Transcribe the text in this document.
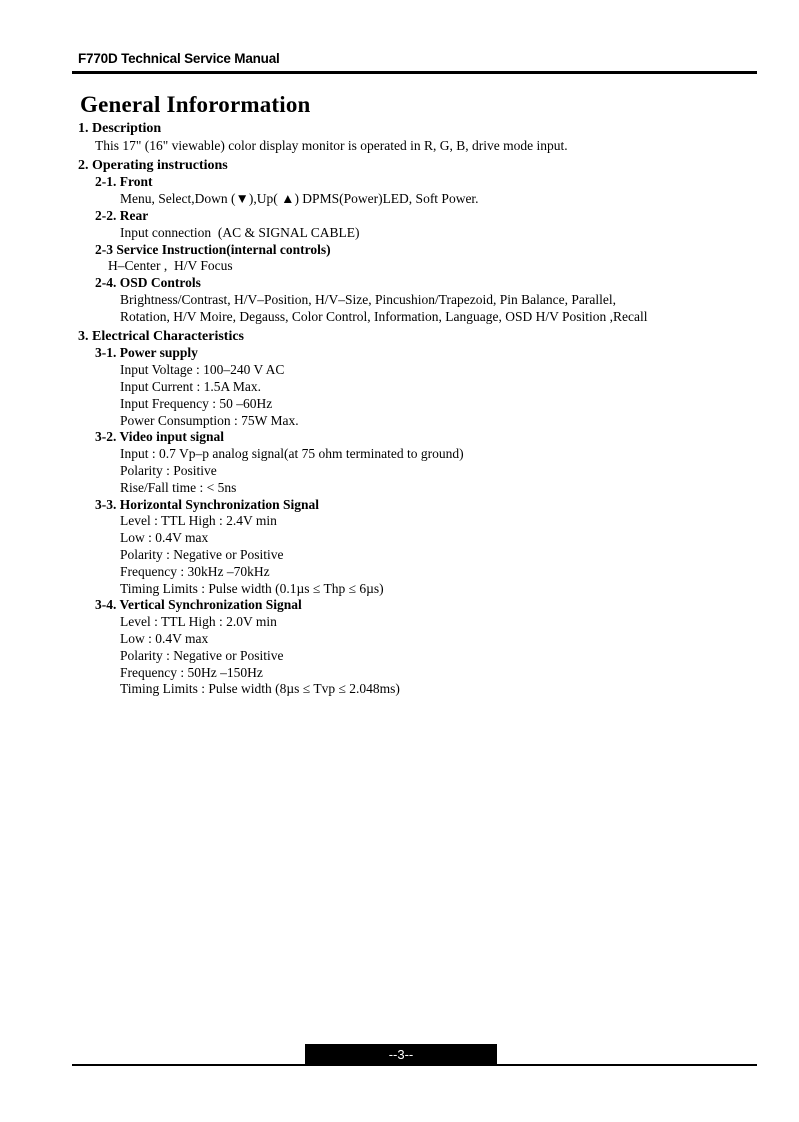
F770D Technical Service Manual
General Inforormation
1. Description
This 17" (16" viewable) color display monitor is operated in R, G, B, drive mode input.
2. Operating instructions
2-1. Front
Menu, Select,Down (▼),Up( ▲) DPMS(Power)LED, Soft Power.
2-2. Rear
Input connection  (AC & SIGNAL CABLE)
2-3 Service Instruction(internal controls)
H–Center ,  H/V Focus
2-4. OSD Controls
Brightness/Contrast, H/V–Position, H/V–Size, Pincushion/Trapezoid, Pin Balance, Parallel,
Rotation, H/V Moire, Degauss, Color Control, Information, Language, OSD H/V Position ,Recall
3. Electrical Characteristics
3-1. Power supply
Input Voltage : 100–240 V AC
Input Current : 1.5A Max.
Input Frequency : 50 –60Hz
Power Consumption : 75W Max.
3-2. Video input signal
Input : 0.7 Vp–p analog signal(at 75 ohm terminated to ground)
Polarity : Positive
Rise/Fall time : < 5ns
3-3. Horizontal Synchronization Signal
Level : TTL High : 2.4V min
Low : 0.4V max
Polarity : Negative or Positive
Frequency : 30kHz –70kHz
Timing Limits : Pulse width (0.1µs ≤ Thp ≤ 6µs)
3-4. Vertical Synchronization Signal
Level : TTL High : 2.0V min
Low : 0.4V max
Polarity : Negative or Positive
Frequency : 50Hz –150Hz
Timing Limits : Pulse width (8µs ≤ Tvp ≤ 2.048ms)
--3--
